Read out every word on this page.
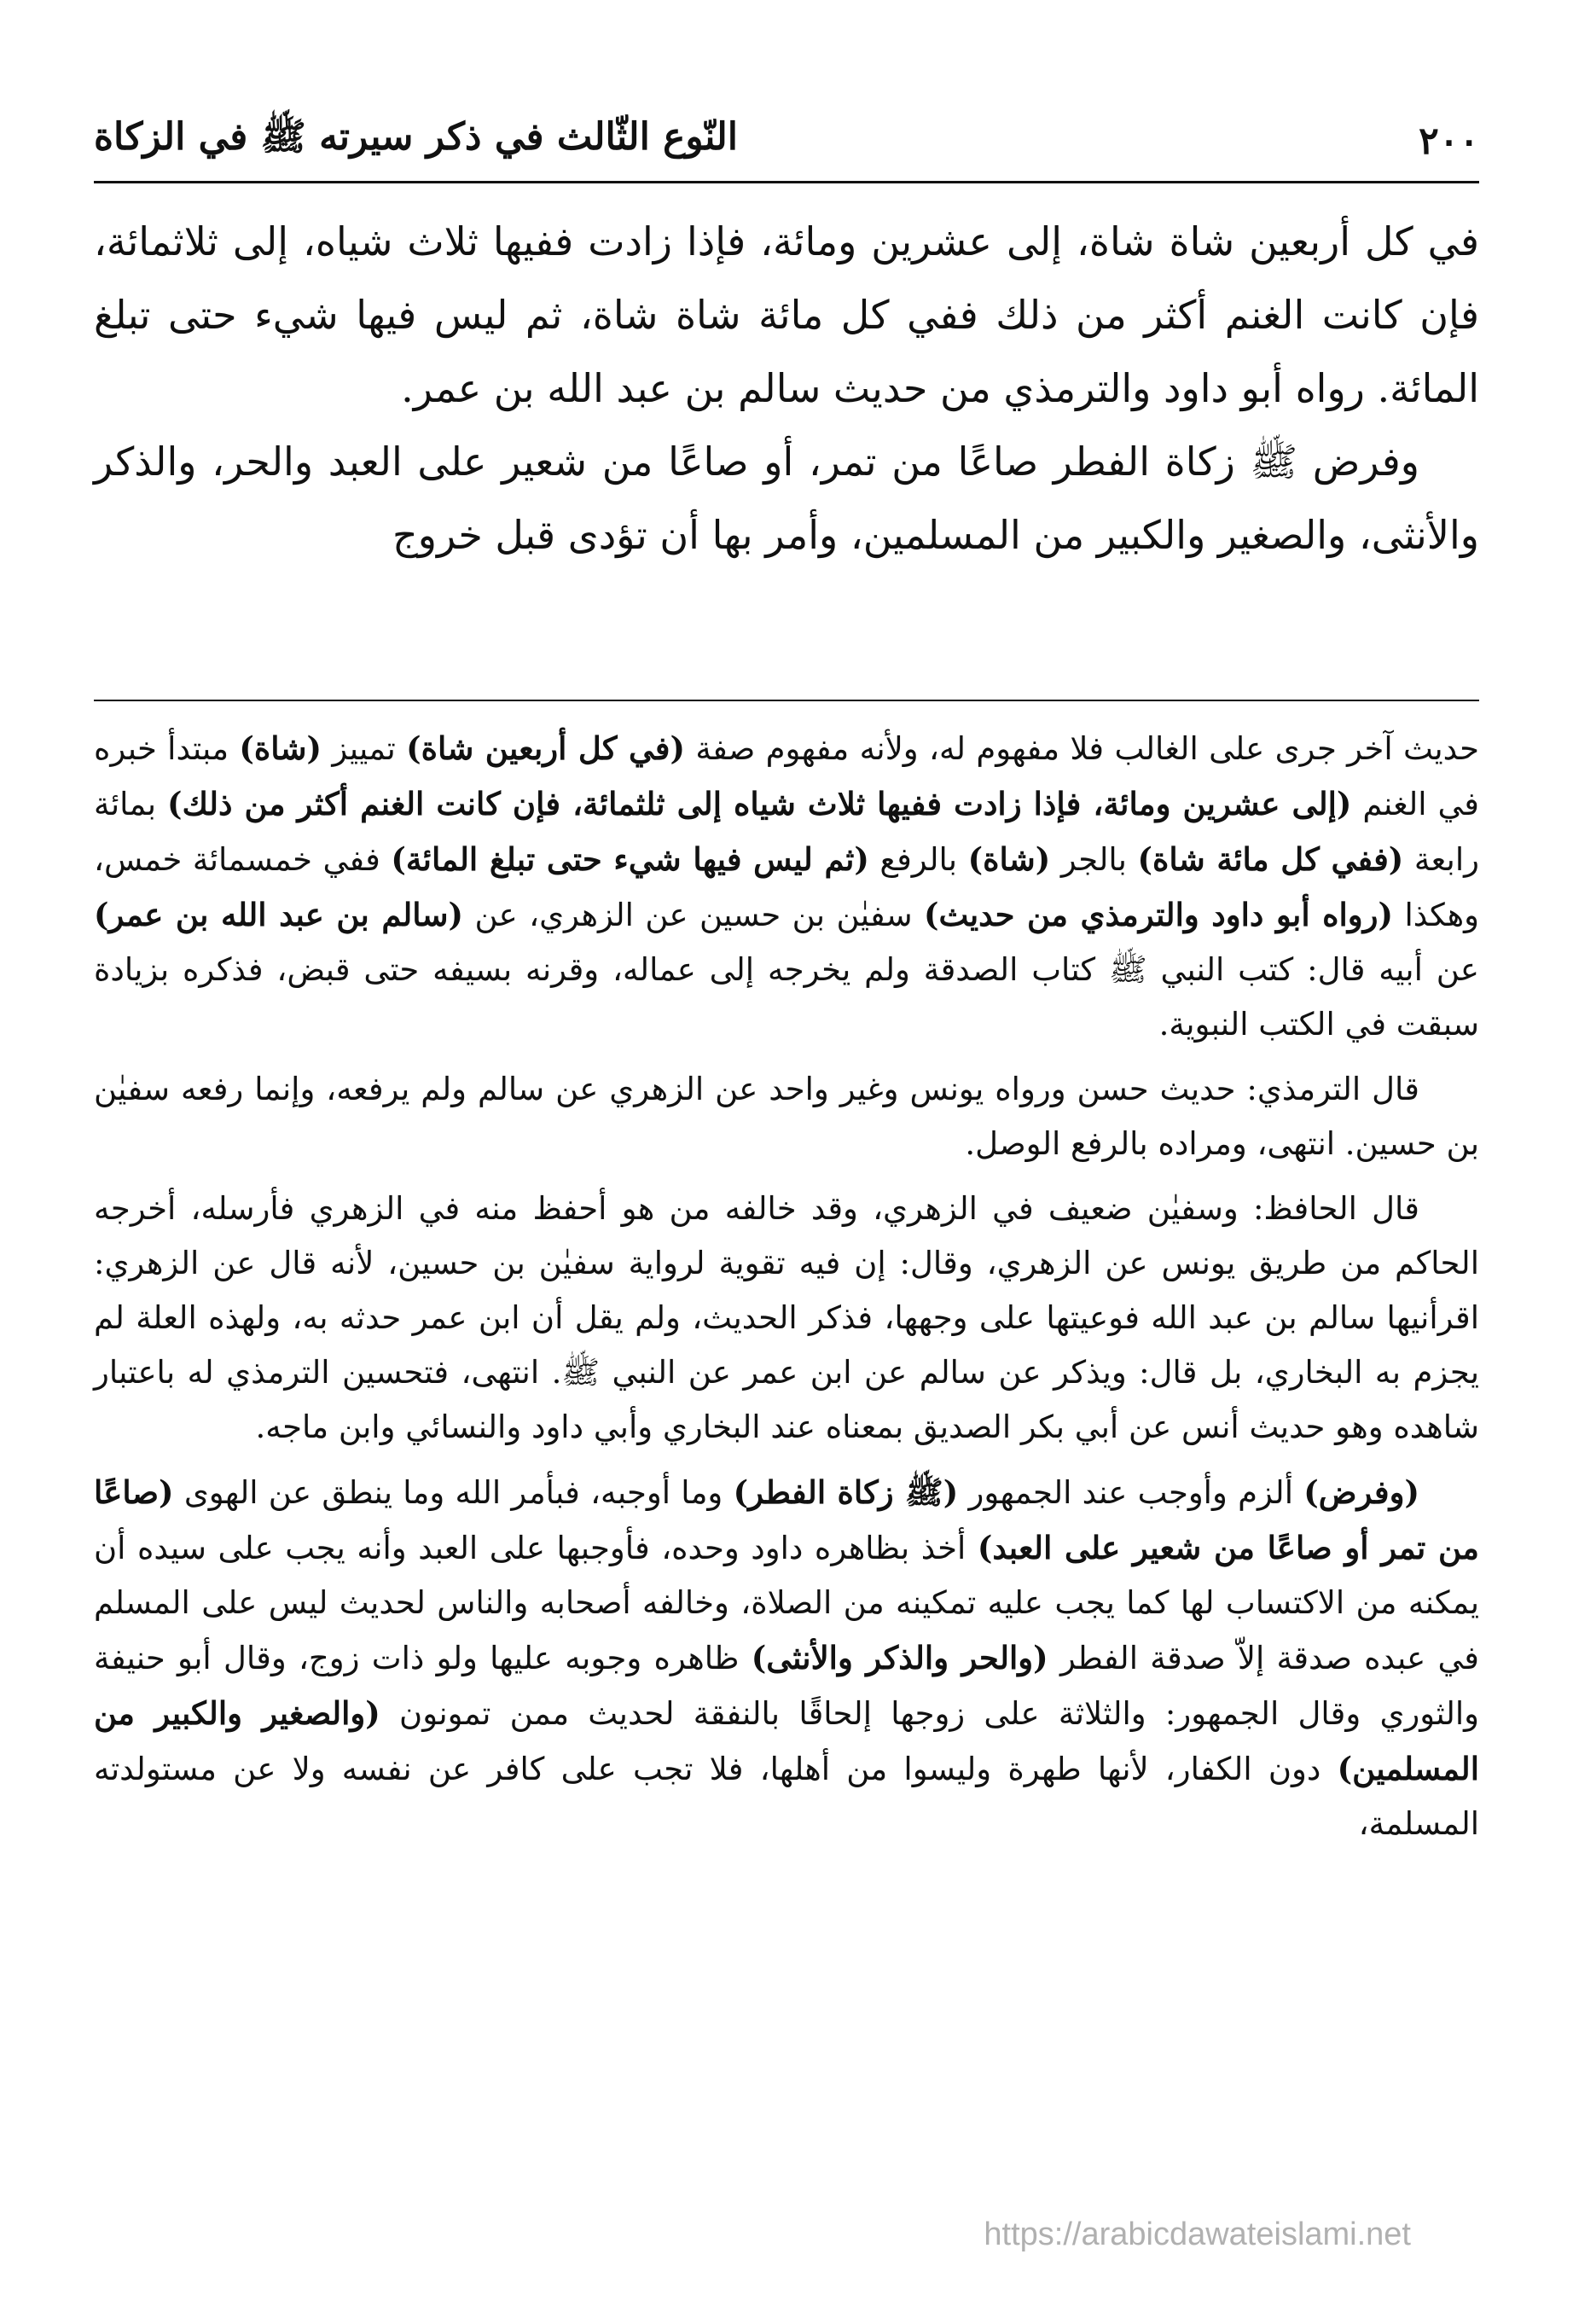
٢٠٠
النّوع الثّالث في ذكر سيرته ﷺ في الزكاة

في كل أربعين شاة شاة، إلى عشرين ومائة، فإذا زادت ففيها ثلاث شياه، إلى ثلاثمائة، فإن كانت الغنم أكثر من ذلك ففي كل مائة شاة شاة، ثم ليس فيها شيء حتى تبلغ المائة. رواه أبو داود والترمذي من حديث سالم بن عبد الله بن عمر.

وفرض ﷺ زكاة الفطر صاعًا من تمر، أو صاعًا من شعير على العبد والحر، والذكر والأنثى، والصغير والكبير من المسلمين، وأمر بها أن تؤدى قبل خروج

حديث آخر جرى على الغالب فلا مفهوم له، ولأنه مفهوم صفة (في كل أربعين شاة) تمييز (شاة) مبتدأ خبره في الغنم (إلى عشرين ومائة، فإذا زادت ففيها ثلاث شياه إلى ثلثمائة، فإن كانت الغنم أكثر من ذلك) بمائة رابعة (ففي كل مائة شاة) بالجر (شاة) بالرفع (ثم ليس فيها شيء حتى تبلغ المائة) ففي خمسمائة خمس، وهكذا (رواه أبو داود والترمذي من حديث) سفيٰن بن حسين عن الزهري، عن (سالم بن عبد الله بن عمر) عن أبيه قال: كتب النبي ﷺ كتاب الصدقة ولم يخرجه إلى عماله، وقرنه بسيفه حتى قبض، فذكره بزيادة سبقت في الكتب النبوية.

قال الترمذي: حديث حسن ورواه يونس وغير واحد عن الزهري عن سالم ولم يرفعه، وإنما رفعه سفيٰن بن حسين. انتهى، ومراده بالرفع الوصل.

قال الحافظ: وسفيٰن ضعيف في الزهري، وقد خالفه من هو أحفظ منه في الزهري فأرسله، أخرجه الحاكم من طريق يونس عن الزهري، وقال: إن فيه تقوية لرواية سفيٰن بن حسين، لأنه قال عن الزهري: اقرأنيها سالم بن عبد الله فوعيتها على وجهها، فذكر الحديث، ولم يقل أن ابن عمر حدثه به، ولهذه العلة لم يجزم به البخاري، بل قال: ويذكر عن سالم عن ابن عمر عن النبي ﷺ. انتهى، فتحسين الترمذي له باعتبار شاهده وهو حديث أنس عن أبي بكر الصديق بمعناه عند البخاري وأبي داود والنسائي وابن ماجه.

(وفرض) ألزم وأوجب عند الجمهور (ﷺ زكاة الفطر) وما أوجبه، فبأمر الله وما ينطق عن الهوى (صاعًا من تمر أو صاعًا من شعير على العبد) أخذ بظاهره داود وحده، فأوجبها على العبد وأنه يجب على سيده أن يمكنه من الاكتساب لها كما يجب عليه تمكينه من الصلاة، وخالفه أصحابه والناس لحديث ليس على المسلم في عبده صدقة إلاّ صدقة الفطر (والحر والذكر والأنثى) ظاهره وجوبه عليها ولو ذات زوج، وقال أبو حنيفة والثوري وقال الجمهور: والثلاثة على زوجها إلحاقًا بالنفقة لحديث ممن تمونون (والصغير والكبير من المسلمين) دون الكفار، لأنها طهرة وليسوا من أهلها، فلا تجب على كافر عن نفسه ولا عن مستولدته المسلمة،

https://arabicdawateislami.net
